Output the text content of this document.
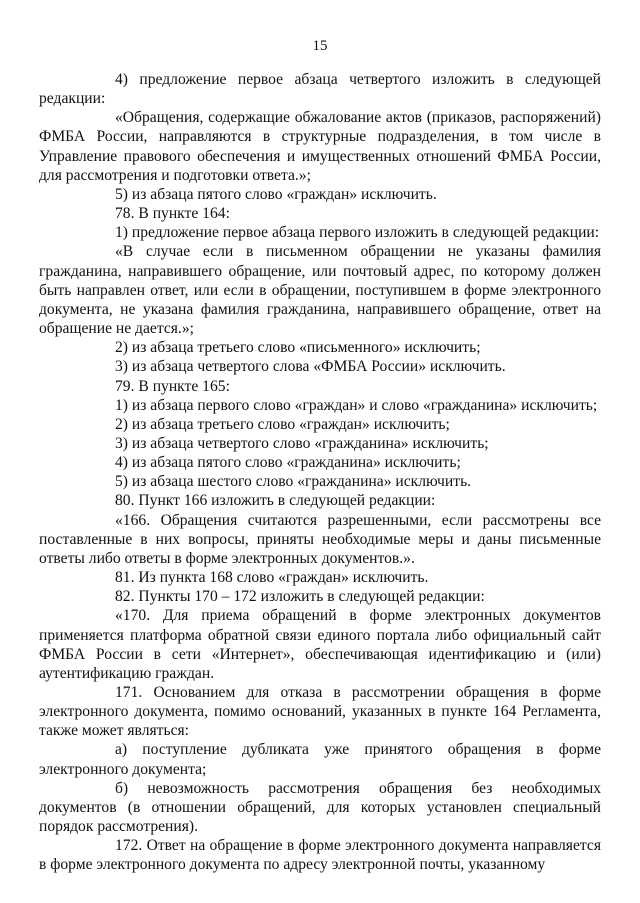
15

4) предложение первое абзаца четвертого изложить в следующей редакции:

«Обращения, содержащие обжалование актов (приказов, распоряжений) ФМБА России, направляются в структурные подразделения, в том числе в Управление правового обеспечения и имущественных отношений ФМБА России, для рассмотрения и подготовки ответа.»;

5) из абзаца пятого слово «граждан» исключить.

78. В пункте 164:

1) предложение первое абзаца первого изложить в следующей редакции:

«В случае если в письменном обращении не указаны фамилия гражданина, направившего обращение, или почтовый адрес, по которому должен быть направлен ответ, или если в обращении, поступившем в форме электронного документа, не указана фамилия гражданина, направившего обращение, ответ на обращение не дается.»;

2) из абзаца третьего слово «письменного» исключить;

3) из абзаца четвертого слова «ФМБА России» исключить.

79. В пункте 165:

1) из абзаца первого слово «граждан» и слово «гражданина» исключить;

2) из абзаца третьего слово «граждан» исключить;

3) из абзаца четвертого слово «гражданина» исключить;

4) из абзаца пятого слово «гражданина» исключить;

5) из абзаца шестого слово «гражданина» исключить.

80. Пункт 166 изложить в следующей редакции:

«166. Обращения считаются разрешенными, если рассмотрены все поставленные в них вопросы, приняты необходимые меры и даны письменные ответы либо ответы в форме электронных документов.».

81. Из пункта 168 слово «граждан» исключить.

82. Пункты 170 – 172 изложить в следующей редакции:

«170. Для приема обращений в форме электронных документов применяется платформа обратной связи единого портала либо официальный сайт ФМБА России в сети «Интернет», обеспечивающая идентификацию и (или) аутентификацию граждан.

171. Основанием для отказа в рассмотрении обращения в форме электронного документа, помимо оснований, указанных в пункте 164 Регламента, также может являться:

а) поступление дубликата уже принятого обращения в форме электронного документа;

б) невозможность рассмотрения обращения без необходимых документов (в отношении обращений, для которых установлен специальный порядок рассмотрения).

172. Ответ на обращение в форме электронного документа направляется в форме электронного документа по адресу электронной почты, указанному
